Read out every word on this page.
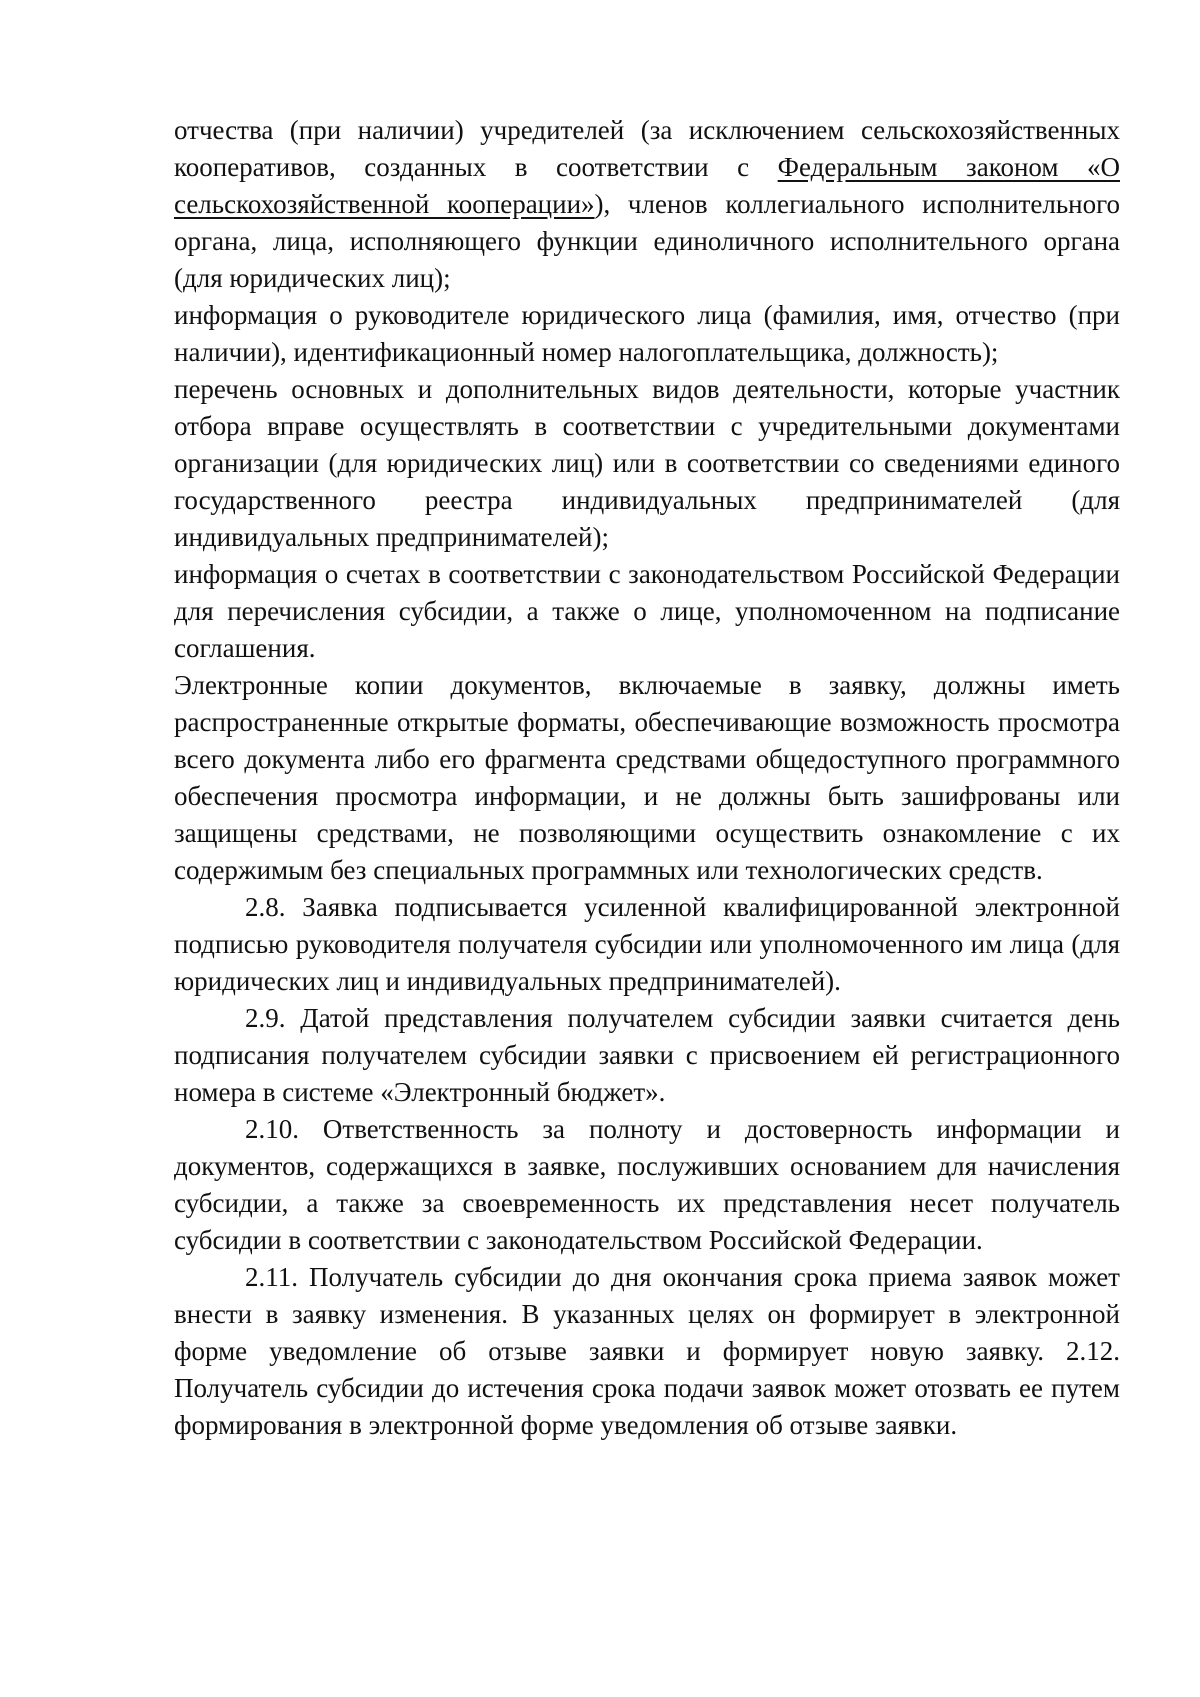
отчества (при наличии) учредителей (за исключением сельскохозяйственных кооперативов, созданных в соответствии с Федеральным законом «О сельскохозяйственной кооперации»), членов коллегиального исполнительного органа, лица, исполняющего функции единоличного исполнительного органа (для юридических лиц);

информация о руководителе юридического лица (фамилия, имя, отчество (при наличии), идентификационный номер налогоплательщика, должность);

перечень основных и дополнительных видов деятельности, которые участник отбора вправе осуществлять в соответствии с учредительными документами организации (для юридических лиц) или в соответствии со сведениями единого государственного реестра индивидуальных предпринимателей (для индивидуальных предпринимателей);

информация о счетах в соответствии с законодательством Российской Федерации для перечисления субсидии, а также о лице, уполномоченном на подписание соглашения.

Электронные копии документов, включаемые в заявку, должны иметь распространенные открытые форматы, обеспечивающие возможность просмотра всего документа либо его фрагмента средствами общедоступного программного обеспечения просмотра информации, и не должны быть зашифрованы или защищены средствами, не позволяющими осуществить ознакомление с их содержимым без специальных программных или технологических средств.

2.8. Заявка подписывается усиленной квалифицированной электронной подписью руководителя получателя субсидии или уполномоченного им лица (для юридических лиц и индивидуальных предпринимателей).

2.9. Датой представления получателем субсидии заявки считается день подписания получателем субсидии заявки с присвоением ей регистрационного номера в системе «Электронный бюджет».

2.10. Ответственность за полноту и достоверность информации и документов, содержащихся в заявке, послуживших основанием для начисления субсидии, а также за своевременность их представления несет получатель субсидии в соответствии с законодательством Российской Федерации.

2.11. Получатель субсидии до дня окончания срока приема заявок может внести в заявку изменения. В указанных целях он формирует в электронной форме уведомление об отзыве заявки и формирует новую заявку. 2.12. Получатель субсидии до истечения срока подачи заявок может отозвать ее путем формирования в электронной форме уведомления об отзыве заявки.
